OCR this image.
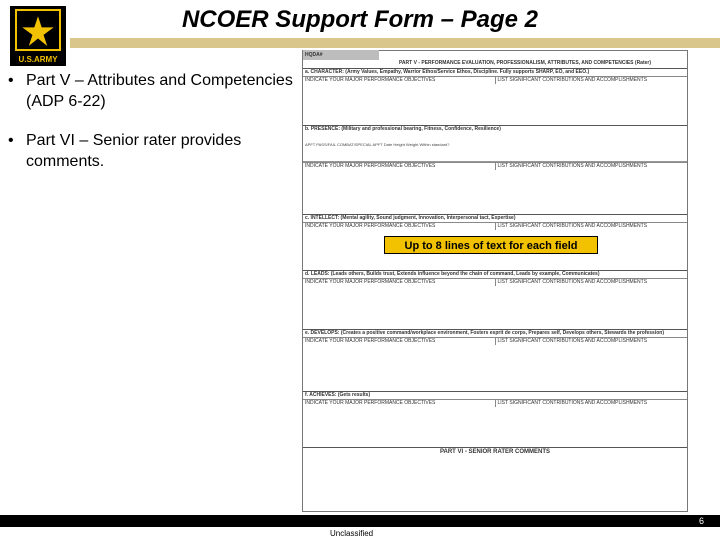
U.S.ARMY
NCOER Support Form – Page 2
• Part V – Attributes and Competencies (ADP 6-22)
• Part VI – Senior rater provides comments.
HQDA#
PART V - PERFORMANCE EVALUATION, PROFESSIONALISM, ATTRIBUTES, AND COMPETENCIES (Rater)
a. CHARACTER: (Army Values, Empathy, Warrior Ethos/Service Ethos, Discipline. Fully supports SHARP, EO, and EEO.)
INDICATE YOUR MAJOR PERFORMANCE OBJECTIVES	LIST SIGNIFICANT CONTRIBUTIONS AND ACCOMPLISHMENTS
b. PRESENCE: (Military and professional bearing, Fitness, Confidence, Resilience)
APFT PASS/FAIL COMBAT/SPECIAL APFT Date Height Weight Within standard?
INDICATE YOUR MAJOR PERFORMANCE OBJECTIVES	LIST SIGNIFICANT CONTRIBUTIONS AND ACCOMPLISHMENTS
c. INTELLECT: (Mental agility, Sound judgment, Innovation, Interpersonal tact, Expertise)
INDICATE YOUR MAJOR PERFORMANCE OBJECTIVES	LIST SIGNIFICANT CONTRIBUTIONS AND ACCOMPLISHMENTS
d. LEADS: (Leads others, Builds trust, Extends influence beyond the chain of command, Leads by example, Communicates)
INDICATE YOUR MAJOR PERFORMANCE OBJECTIVES	LIST SIGNIFICANT CONTRIBUTIONS AND ACCOMPLISHMENTS
e. DEVELOPS: (Creates a positive command/workplace environment, Fosters esprit de corps, Prepares self, Develops others, Stewards the profession)
INDICATE YOUR MAJOR PERFORMANCE OBJECTIVES	LIST SIGNIFICANT CONTRIBUTIONS AND ACCOMPLISHMENTS
f. ACHIEVES: (Gets results)
INDICATE YOUR MAJOR PERFORMANCE OBJECTIVES	LIST SIGNIFICANT CONTRIBUTIONS AND ACCOMPLISHMENTS
PART VI - SENIOR RATER COMMENTS
Up to 8 lines of text for each field
6
Unclassified
